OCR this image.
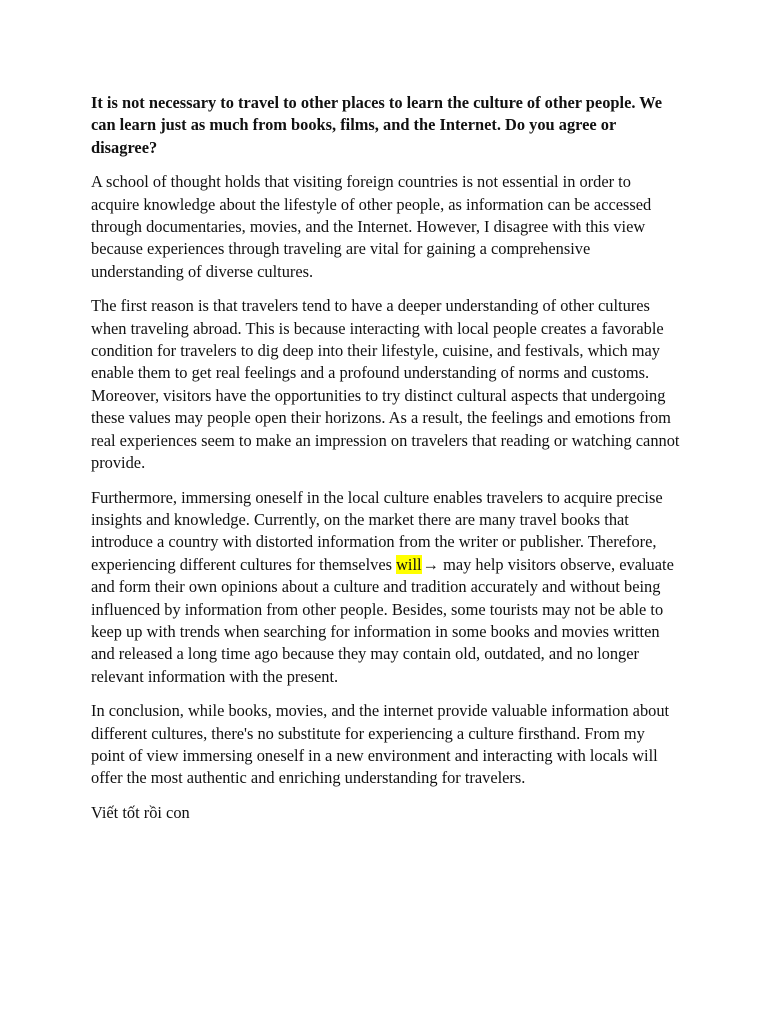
It is not necessary to travel to other places to learn the culture of other people. We can learn just as much from books, films, and the Internet. Do you agree or disagree?

A school of thought holds that visiting foreign countries is not essential in order to acquire knowledge about the lifestyle of other people, as information can be accessed through documentaries, movies, and the Internet. However, I disagree with this view because experiences through traveling are vital for gaining a comprehensive understanding of diverse cultures.

The first reason is that travelers tend to have a deeper understanding of other cultures when traveling abroad. This is because interacting with local people creates a favorable condition for travelers to dig deep into their lifestyle, cuisine, and festivals, which may enable them to get real feelings and a profound understanding of norms and customs. Moreover, visitors have the opportunities to try distinct cultural aspects that undergoing these values may people open their horizons. As a result, the feelings and emotions from real experiences seem to make an impression on travelers that reading or watching cannot provide.

Furthermore, immersing oneself in the local culture enables travelers to acquire precise insights and knowledge. Currently, on the market there are many travel books that introduce a country with distorted information from the writer or publisher. Therefore, experiencing different cultures for themselves will→ may help visitors observe, evaluate and form their own opinions about a culture and tradition accurately and without being influenced by information from other people. Besides, some tourists may not be able to keep up with trends when searching for information in some books and movies written and released a long time ago because they may contain old, outdated, and no longer relevant information with the present.

In conclusion, while books, movies, and the internet provide valuable information about different cultures, there's no substitute for experiencing a culture firsthand. From my point of view immersing oneself in a new environment and interacting with locals will offer the most authentic and enriching understanding for travelers.

Viết tốt rồi con
